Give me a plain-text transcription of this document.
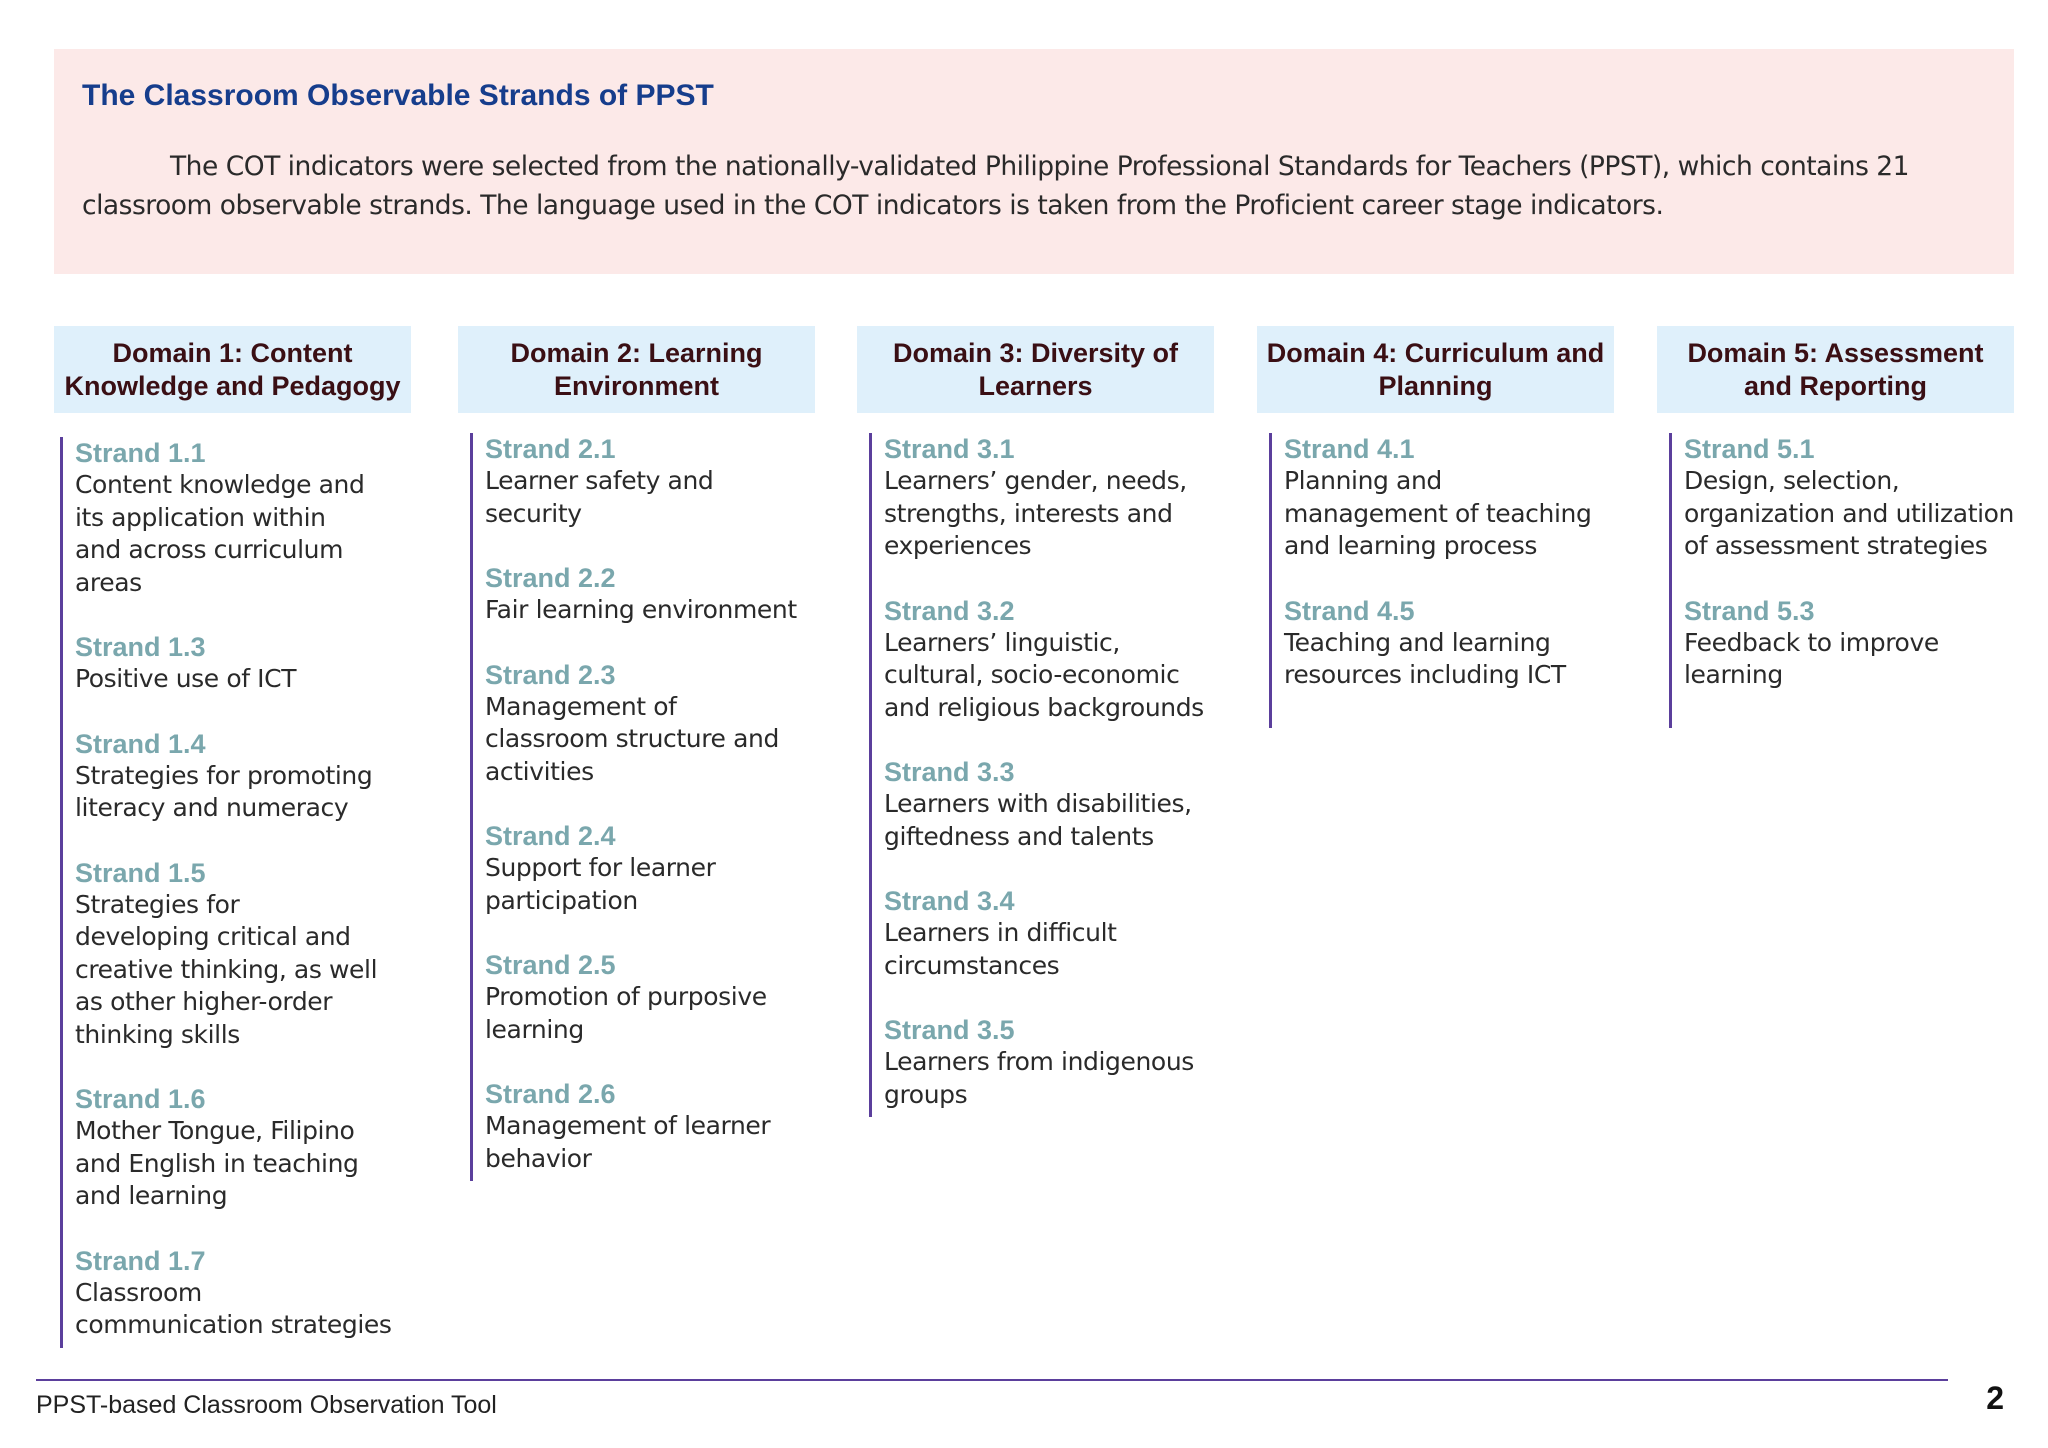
The Classroom Observable Strands of PPST

The COT indicators were selected from the nationally-validated Philippine Professional Standards for Teachers (PPST), which contains 21 classroom observable strands. The language used in the COT indicators is taken from the Proficient career stage indicators.

Domain 1: Content Knowledge and Pedagogy
Strand 1.1
Content knowledge and its application within and across curriculum areas
Strand 1.3
Positive use of ICT
Strand 1.4
Strategies for promoting literacy and numeracy
Strand 1.5
Strategies for developing critical and creative thinking, as well as other higher-order thinking skills
Strand 1.6
Mother Tongue, Filipino and English in teaching and learning
Strand 1.7
Classroom communication strategies
Domain 2: Learning Environment
Strand 2.1
Learner safety and security
Strand 2.2
Fair learning environment
Strand 2.3
Management of classroom structure and activities
Strand 2.4
Support for learner participation
Strand 2.5
Promotion of purposive learning
Strand 2.6
Management of learner behavior
Domain 3: Diversity of Learners
Strand 3.1
Learners’ gender, needs, strengths, interests and experiences
Strand 3.2
Learners’ linguistic, cultural, socio-economic and religious backgrounds
Strand 3.3
Learners with disabilities, giftedness and talents
Strand 3.4
Learners in difficult circumstances
Strand 3.5
Learners from indigenous groups
Domain 4: Curriculum and Planning
Strand 4.1
Planning and management of teaching and learning process
Strand 4.5
Teaching and learning resources including ICT
Domain 5: Assessment and Reporting
Strand 5.1
Design, selection, organization and utilization of assessment strategies
Strand 5.3
Feedback to improve learning
PPST-based Classroom Observation Tool	2
